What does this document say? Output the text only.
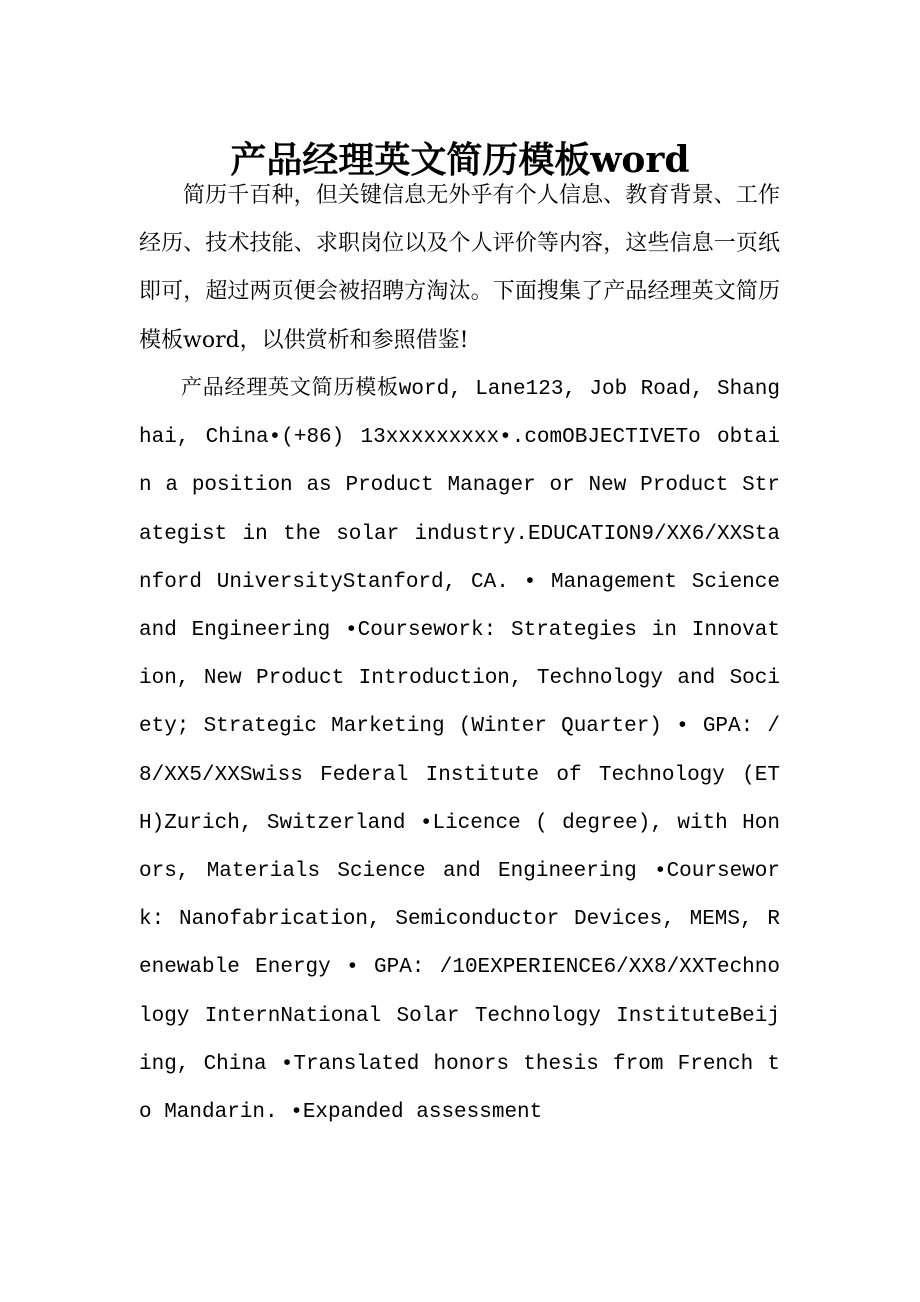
产品经理英文简历模板word

简历千百种，但关键信息无外乎有个人信息、教育背景、工作经历、技术技能、求职岗位以及个人评价等内容，这些信息一页纸即可，超过两页便会被招聘方淘汰。下面搜集了产品经理英文简历模板word，以供赏析和参照借鉴!

产品经理英文简历模板word, Lane123, Job Road, Shanghai, China•(+86) 13xxxxxxxxx•.comOBJECTIVETo obtain a position as Product Manager or New Product Strategist in the solar industry.EDUCATION9/XX6/XXStanford UniversityStanford, CA. • Management Science and Engineering •Coursework: Strategies in Innovation, New Product Introduction, Technology and Society; Strategic Marketing (Winter Quarter) • GPA: /8/XX5/XXSwiss Federal Institute of Technology (ETH)Zurich, Switzerland •Licence ( degree), with Honors, Materials Science and Engineering •Coursework: Nanofabrication, Semiconductor Devices, MEMS, Renewable Energy • GPA: /10EXPERIENCE6/XX8/XXTechnology InternNational Solar Technology InstituteBeijing, China •Translated honors thesis from French to Mandarin. •Expanded assessment
